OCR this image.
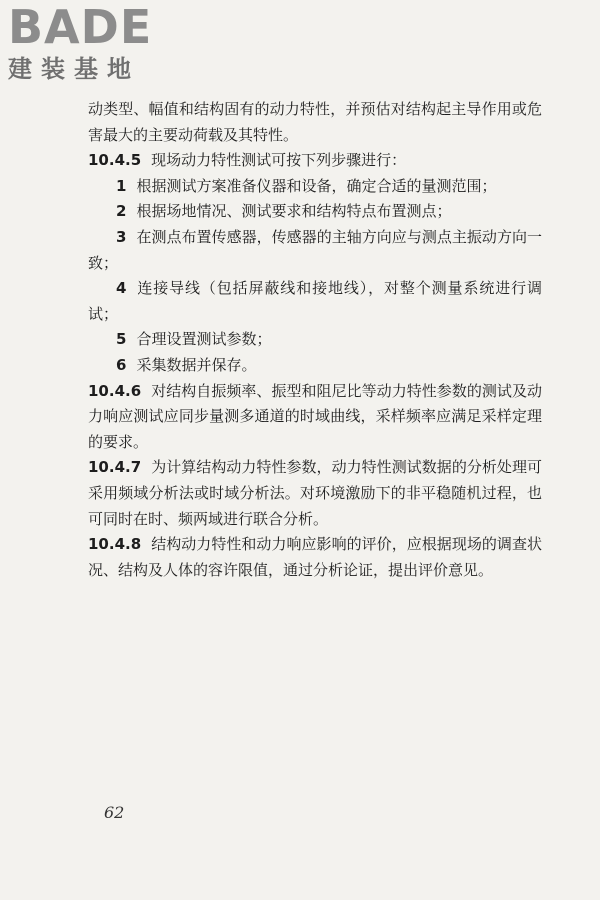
BADE
建装基地

动类型、幅值和结构固有的动力特性，并预估对结构起主导作用或危害最大的主要动荷载及其特性。

10.4.5 现场动力特性测试可按下列步骤进行：

1 根据测试方案准备仪器和设备，确定合适的量测范围；

2 根据场地情况、测试要求和结构特点布置测点；

3 在测点布置传感器，传感器的主轴方向应与测点主振动方向一致；

4 连接导线（包括屏蔽线和接地线），对整个测量系统进行调试；

5 合理设置测试参数；

6 采集数据并保存。

10.4.6 对结构自振频率、振型和阻尼比等动力特性参数的测试及动力响应测试应同步量测多通道的时域曲线，采样频率应满足采样定理的要求。

10.4.7 为计算结构动力特性参数，动力特性测试数据的分析处理可采用频域分析法或时域分析法。对环境激励下的非平稳随机过程，也可同时在时、频两域进行联合分析。

10.4.8 结构动力特性和动力响应影响的评价，应根据现场的调查状况、结构及人体的容许限值，通过分析论证，提出评价意见。

62
